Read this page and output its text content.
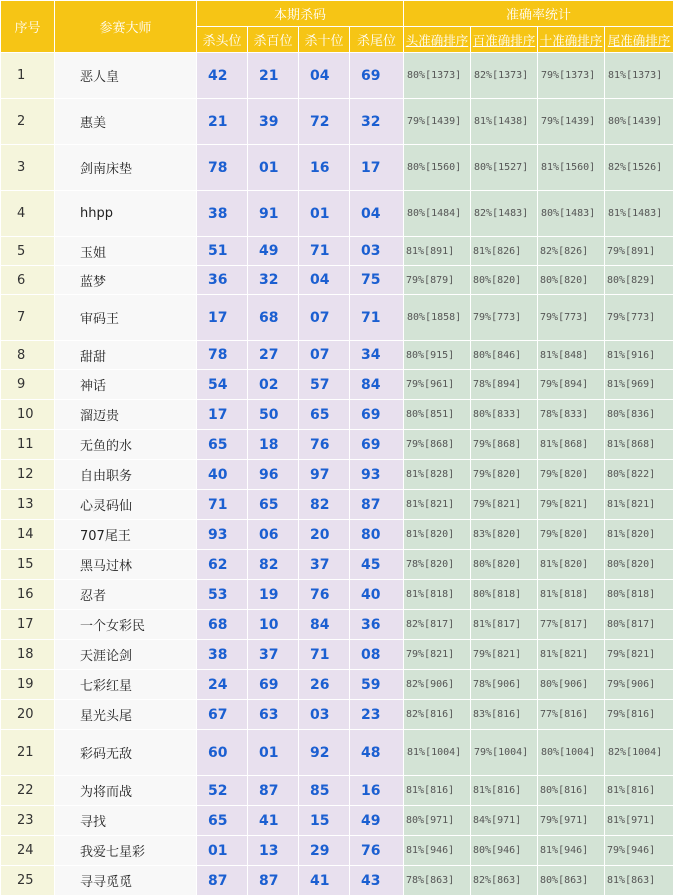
序号	参赛大师	本期杀码				准确率统计			
		杀头位	杀百位	杀十位	杀尾位	头准确排序	百准确排序	十准确排序	尾准确排序
1	恶人皇	42	21	04	69	80%[1373]	82%[1373]	79%[1373]	81%[1373]
2	惠美	21	39	72	32	79%[1439]	81%[1438]	79%[1439]	80%[1439]
3	剑南床垫	78	01	16	17	80%[1560]	80%[1527]	81%[1560]	82%[1526]
4	hhpp	38	91	01	04	80%[1484]	82%[1483]	80%[1483]	81%[1483]
5	玉姐	51	49	71	03	81%[891]	81%[826]	82%[826]	79%[891]
6	蓝梦	36	32	04	75	79%[879]	80%[820]	80%[820]	80%[829]
7	审码王	17	68	07	71	80%[1858]	79%[773]	79%[773]	79%[773]
8	甜甜	78	27	07	34	80%[915]	80%[846]	81%[848]	81%[916]
9	神话	54	02	57	84	79%[961]	78%[894]	79%[894]	81%[969]
10	溜迈贵	17	50	65	69	80%[851]	80%[833]	78%[833]	80%[836]
11	无鱼的水	65	18	76	69	79%[868]	79%[868]	81%[868]	81%[868]
12	自由职务	40	96	97	93	81%[828]	79%[820]	79%[820]	80%[822]
13	心灵码仙	71	65	82	87	81%[821]	79%[821]	79%[821]	81%[821]
14	707尾王	93	06	20	80	81%[820]	83%[820]	79%[820]	81%[820]
15	黑马过林	62	82	37	45	78%[820]	80%[820]	81%[820]	80%[820]
16	忍者	53	19	76	40	81%[818]	80%[818]	81%[818]	80%[818]
17	一个女彩民	68	10	84	36	82%[817]	81%[817]	77%[817]	80%[817]
18	天涯论剑	38	37	71	08	79%[821]	79%[821]	81%[821]	79%[821]
19	七彩红星	24	69	26	59	82%[906]	78%[906]	80%[906]	79%[906]
20	星光头尾	67	63	03	23	82%[816]	83%[816]	77%[816]	79%[816]
21	彩码无敌	60	01	92	48	81%[1004]	79%[1004]	80%[1004]	82%[1004]
22	为将而战	52	87	85	16	81%[816]	81%[816]	80%[816]	81%[816]
23	寻找	65	41	15	49	80%[971]	84%[971]	79%[971]	81%[971]
24	我爱七星彩	01	13	29	76	81%[946]	80%[946]	81%[946]	79%[946]
25	寻寻觅觅	87	87	41	43	78%[863]	82%[863]	80%[863]	81%[863]
